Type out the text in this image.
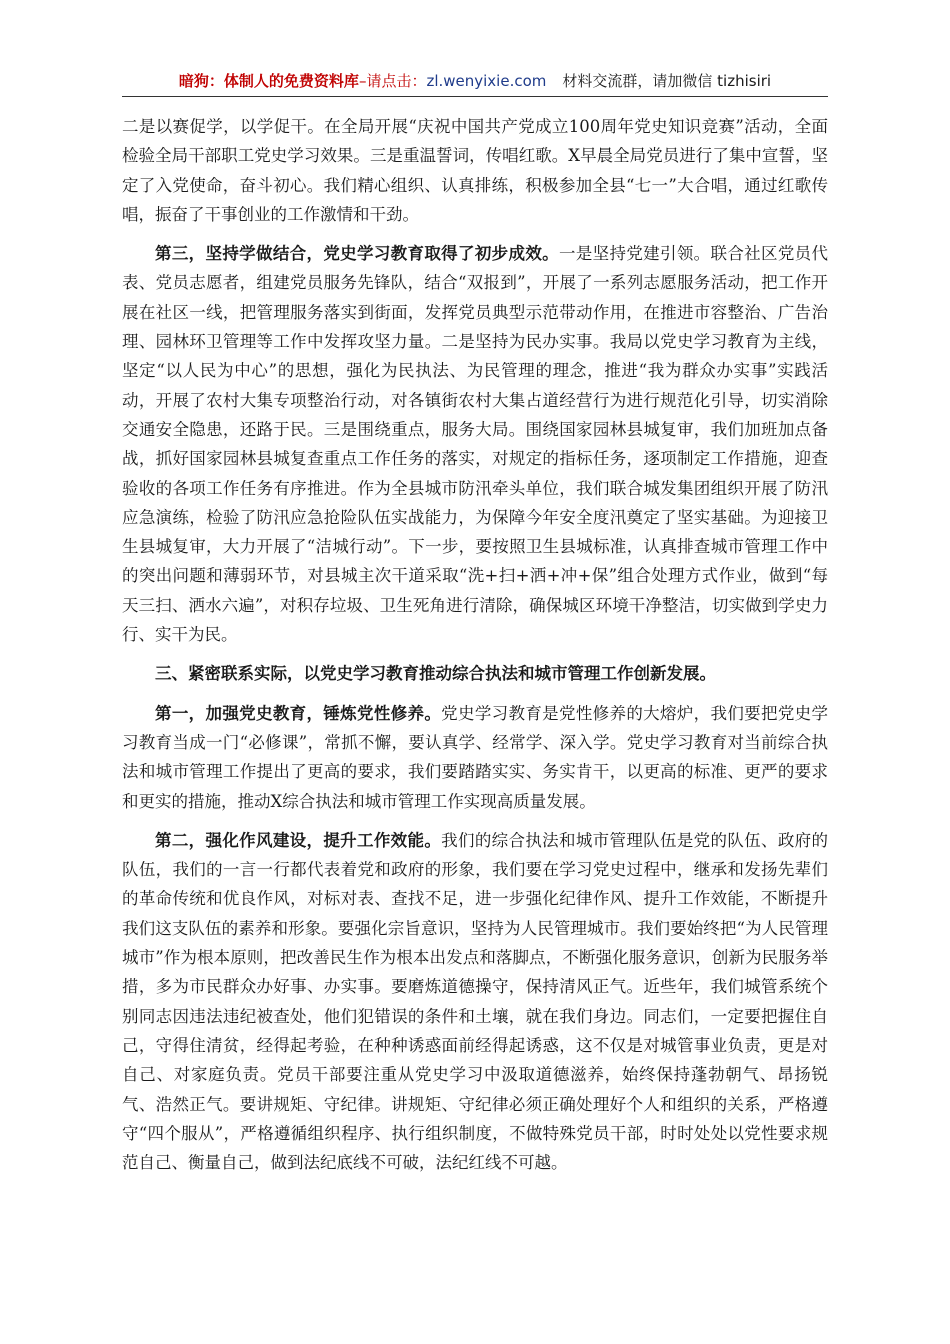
暗狗：体制人的免费资料库–请点击：zl.wenyixie.com 材料交流群，请加微信 tizhisiri

二是以赛促学，以学促干。在全局开展“庆祝中国共产党成立100周年党史知识竞赛”活动，全面检验全局干部职工党史学习效果。三是重温誓词，传唱红歌。X早晨全局党员进行了集中宣誓，坚定了入党使命，奋斗初心。我们精心组织、认真排练，积极参加全县“七一”大合唱，通过红歌传唱，振奋了干事创业的工作激情和干劲。

第三，坚持学做结合，党史学习教育取得了初步成效。一是坚持党建引领。联合社区党员代表、党员志愿者，组建党员服务先锋队，结合“双报到”，开展了一系列志愿服务活动，把工作开展在社区一线，把管理服务落实到街面，发挥党员典型示范带动作用，在推进市容整治、广告治理、园林环卫管理等工作中发挥攻坚力量。二是坚持为民办实事。我局以党史学习教育为主线，坚定“以人民为中心”的思想，强化为民执法、为民管理的理念，推进“我为群众办实事”实践活动，开展了农村大集专项整治行动，对各镇街农村大集占道经营行为进行规范化引导，切实消除交通安全隐患，还路于民。三是围绕重点，服务大局。围绕国家园林县城复审，我们加班加点备战，抓好国家园林县城复查重点工作任务的落实，对规定的指标任务，逐项制定工作措施，迎查验收的各项工作任务有序推进。作为全县城市防汛牵头单位，我们联合城发集团组织开展了防汛应急演练，检验了防汛应急抢险队伍实战能力，为保障今年安全度汛奠定了坚实基础。为迎接卫生县城复审，大力开展了“洁城行动”。下一步，要按照卫生县城标准，认真排查城市管理工作中的突出问题和薄弱环节，对县城主次干道采取“洗+扫+洒+冲+保”组合处理方式作业，做到“每天三扫、洒水六遍”，对积存垃圾、卫生死角进行清除，确保城区环境干净整洁，切实做到学史力行、实干为民。

三、紧密联系实际，以党史学习教育推动综合执法和城市管理工作创新发展。

第一，加强党史教育，锤炼党性修养。党史学习教育是党性修养的大熔炉，我们要把党史学习教育当成一门“必修课”，常抓不懈，要认真学、经常学、深入学。党史学习教育对当前综合执法和城市管理工作提出了更高的要求，我们要踏踏实实、务实肯干，以更高的标准、更严的要求和更实的措施，推动X综合执法和城市管理工作实现高质量发展。

第二，强化作风建设，提升工作效能。我们的综合执法和城市管理队伍是党的队伍、政府的队伍，我们的一言一行都代表着党和政府的形象，我们要在学习党史过程中，继承和发扬先辈们的革命传统和优良作风，对标对表、查找不足，进一步强化纪律作风、提升工作效能，不断提升我们这支队伍的素养和形象。要强化宗旨意识，坚持为人民管理城市。我们要始终把“为人民管理城市”作为根本原则，把改善民生作为根本出发点和落脚点，不断强化服务意识，创新为民服务举措，多为市民群众办好事、办实事。要磨炼道德操守，保持清风正气。近些年，我们城管系统个别同志因违法违纪被查处，他们犯错误的条件和土壤，就在我们身边。同志们，一定要把握住自己，守得住清贫，经得起考验，在种种诱惑面前经得起诱惑，这不仅是对城管事业负责，更是对自己、对家庭负责。党员干部要注重从党史学习中汲取道德滋养，始终保持蓬勃朝气、昂扬锐气、浩然正气。要讲规矩、守纪律。讲规矩、守纪律必须正确处理好个人和组织的关系，严格遵守“四个服从”，严格遵循组织程序、执行组织制度，不做特殊党员干部，时时处处以党性要求规范自己、衡量自己，做到法纪底线不可破，法纪红线不可越。
